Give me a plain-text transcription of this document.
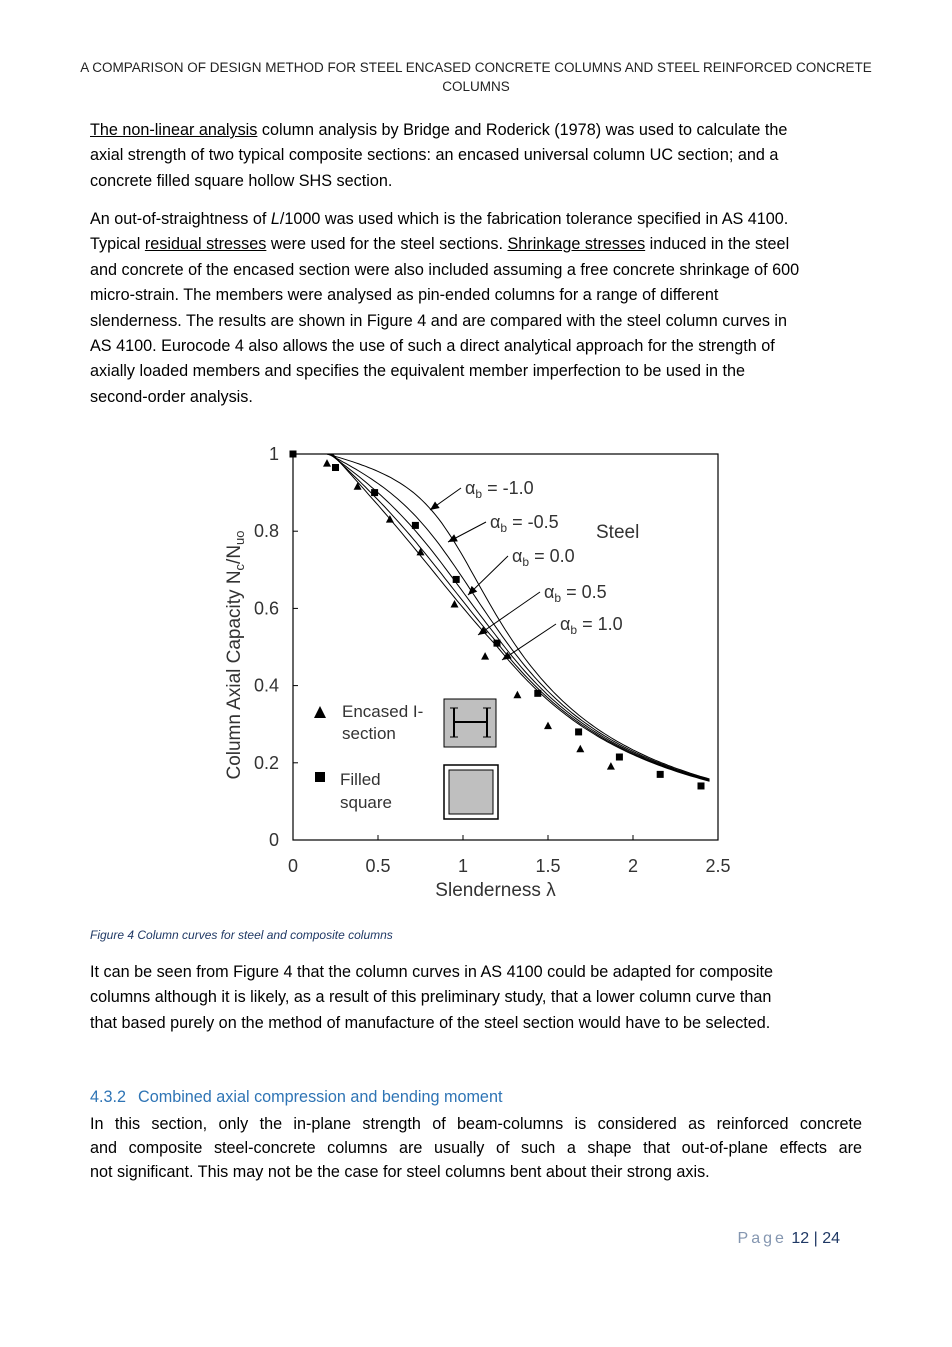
A COMPARISON OF DESIGN METHOD FOR STEEL ENCASED CONCRETE COLUMNS AND STEEL REINFORCED CONCRETE
COLUMNS
The non-linear analysis column analysis by Bridge and Roderick (1978) was used to calculate the
axial strength of two typical composite sections: an encased universal column UC section; and a
concrete filled square hollow SHS section.
An out-of-straightness of L/1000 was used which is the fabrication tolerance specified in AS 4100.
Typical residual stresses were used for the steel sections. Shrinkage stresses induced in the steel
and concrete of the encased section were also included assuming a free concrete shrinkage of 600
micro-strain. The members were analysed as pin-ended columns for a range of different
slenderness. The results are shown in Figure 4 and are compared with the steel column curves in
AS 4100. Eurocode 4 also allows the use of such a direct analytical approach for the strength of
axially loaded members and specifies the equivalent member imperfection to be used in the
second-order analysis.
0	0.5	1	1.5	2	2.5
0
0.2
0.4
0.6
0.8
1
Slenderness λ
Column Axial Capacity $N_c/N_{uo}$
$\alpha_b = -1.0$
$\alpha_b = -0.5$
$\alpha_b = 0.0$
$\alpha_b = 0.5$
$\alpha_b = 1.0$
Steel
Encased I-
section
Filled
square
Figure 4 Column curves for steel and composite columns
It can be seen from Figure 4 that the column curves in AS 4100 could be adapted for composite
columns although it is likely, as a result of this preliminary study, that a lower column curve than
that based purely on the method of manufacture of the steel section would have to be selected.
4.3.2 Combined axial compression and bending moment
In this section, only the in-plane strength of beam-columns is considered as reinforced concrete
and composite steel-concrete columns are usually of such a shape that out-of-plane effects are
not significant. This may not be the case for steel columns bent about their strong axis.
Page 12 | 24
